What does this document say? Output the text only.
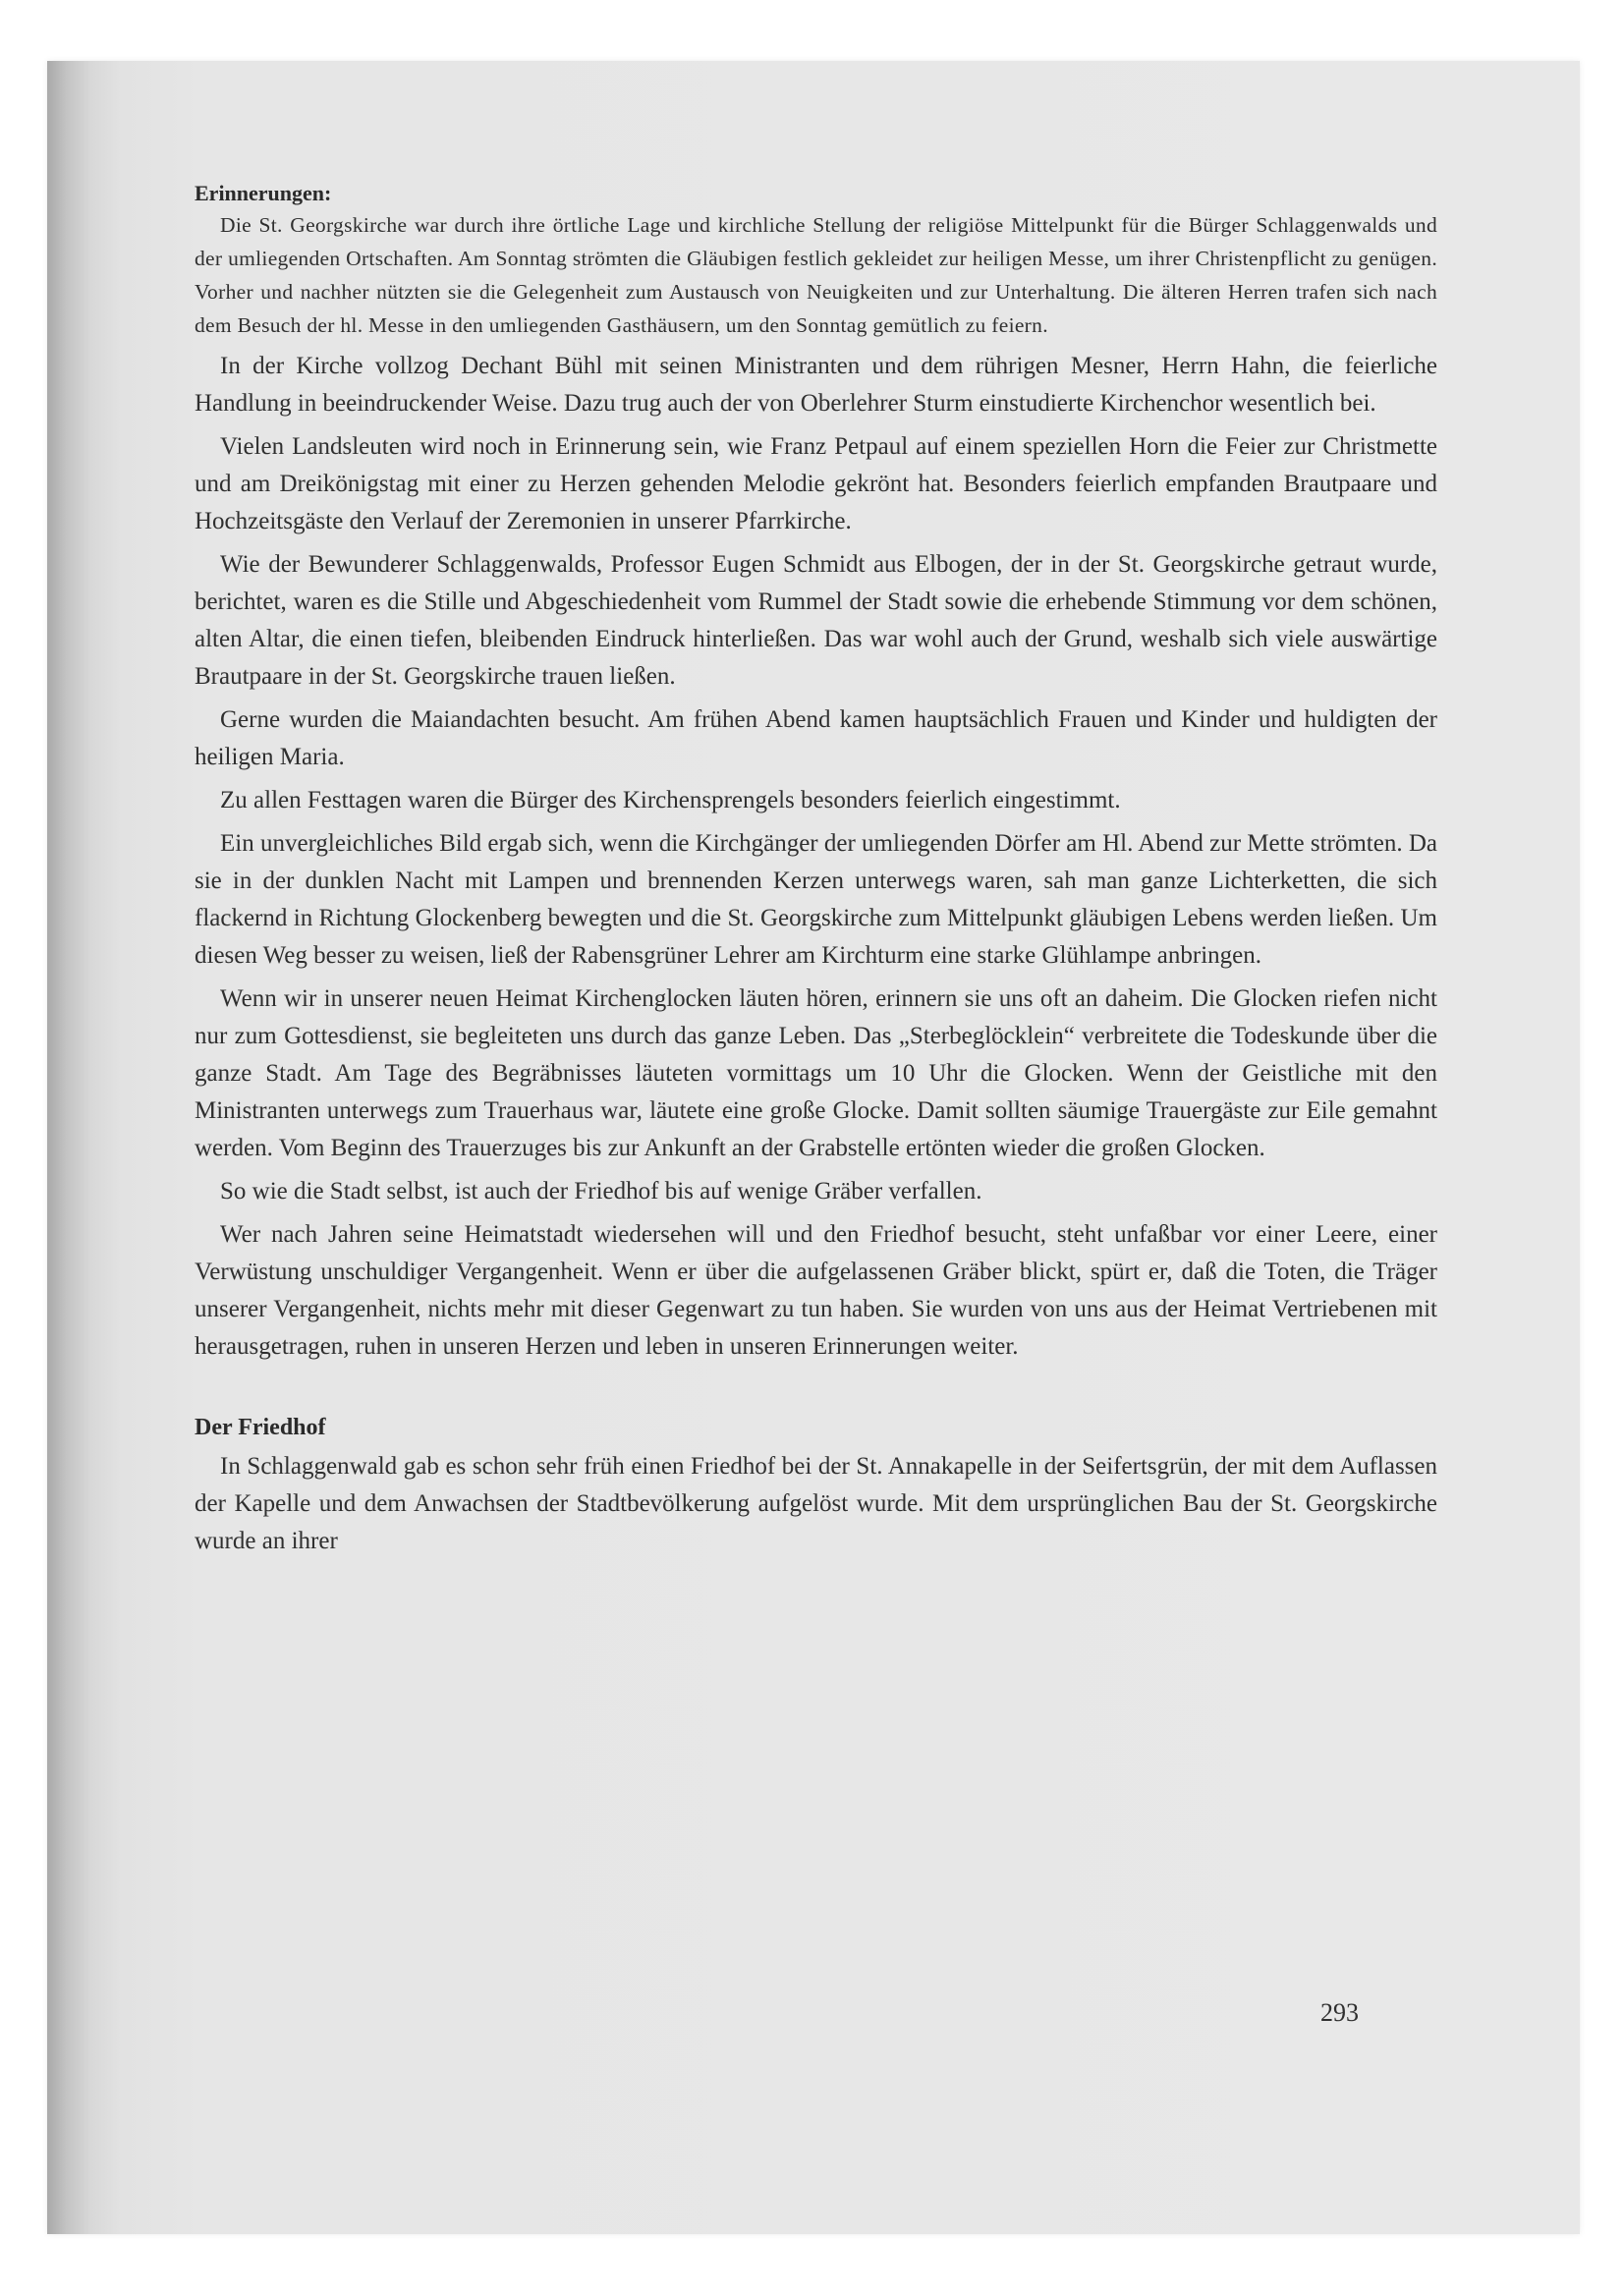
Erinnerungen:

Die St. Georgskirche war durch ihre örtliche Lage und kirchliche Stellung der religiöse Mittelpunkt für die Bürger Schlaggenwalds und der umliegenden Ortschaften. Am Sonntag strömten die Gläubigen festlich gekleidet zur heiligen Messe, um ihrer Christenpflicht zu genügen. Vorher und nachher nützten sie die Gelegenheit zum Austausch von Neuigkeiten und zur Unterhaltung. Die älteren Herren trafen sich nach dem Besuch der hl. Messe in den umliegenden Gasthäusern, um den Sonntag gemütlich zu feiern.

In der Kirche vollzog Dechant Bühl mit seinen Ministranten und dem rührigen Mesner, Herrn Hahn, die feierliche Handlung in beeindruckender Weise. Dazu trug auch der von Oberlehrer Sturm einstudierte Kirchenchor wesentlich bei.

Vielen Landsleuten wird noch in Erinnerung sein, wie Franz Petpaul auf einem speziellen Horn die Feier zur Christmette und am Dreikönigstag mit einer zu Herzen gehenden Melodie gekrönt hat. Besonders feierlich empfanden Brautpaare und Hochzeitsgäste den Verlauf der Zeremonien in unserer Pfarrkirche.

Wie der Bewunderer Schlaggenwalds, Professor Eugen Schmidt aus Elbogen, der in der St. Georgskirche getraut wurde, berichtet, waren es die Stille und Abgeschiedenheit vom Rummel der Stadt sowie die erhebende Stimmung vor dem schönen, alten Altar, die einen tiefen, bleibenden Eindruck hinterließen. Das war wohl auch der Grund, weshalb sich viele auswärtige Brautpaare in der St. Georgskirche trauen ließen.

Gerne wurden die Maiandachten besucht. Am frühen Abend kamen hauptsächlich Frauen und Kinder und huldigten der heiligen Maria.

Zu allen Festtagen waren die Bürger des Kirchensprengels besonders feierlich eingestimmt.

Ein unvergleichliches Bild ergab sich, wenn die Kirchgänger der umliegenden Dörfer am Hl. Abend zur Mette strömten. Da sie in der dunklen Nacht mit Lampen und brennenden Kerzen unterwegs waren, sah man ganze Lichterketten, die sich flackernd in Richtung Glockenberg bewegten und die St. Georgskirche zum Mittelpunkt gläubigen Lebens werden ließen. Um diesen Weg besser zu weisen, ließ der Rabensgrüner Lehrer am Kirchturm eine starke Glühlampe anbringen.

Wenn wir in unserer neuen Heimat Kirchenglocken läuten hören, erinnern sie uns oft an daheim. Die Glocken riefen nicht nur zum Gottesdienst, sie begleiteten uns durch das ganze Leben. Das „Sterbeglöcklein“ verbreitete die Todeskunde über die ganze Stadt. Am Tage des Begräbnisses läuteten vormittags um 10 Uhr die Glocken. Wenn der Geistliche mit den Ministranten unterwegs zum Trauerhaus war, läutete eine große Glocke. Damit sollten säumige Trauergäste zur Eile gemahnt werden. Vom Beginn des Trauerzuges bis zur Ankunft an der Grabstelle ertönten wieder die großen Glocken.

So wie die Stadt selbst, ist auch der Friedhof bis auf wenige Gräber verfallen.

Wer nach Jahren seine Heimatstadt wiedersehen will und den Friedhof besucht, steht unfaßbar vor einer Leere, einer Verwüstung unschuldiger Vergangenheit. Wenn er über die aufgelassenen Gräber blickt, spürt er, daß die Toten, die Träger unserer Vergangenheit, nichts mehr mit dieser Gegenwart zu tun haben. Sie wurden von uns aus der Heimat Vertriebenen mit herausgetragen, ruhen in unseren Herzen und leben in unseren Erinnerungen weiter.

Der Friedhof

In Schlaggenwald gab es schon sehr früh einen Friedhof bei der St. Annakapelle in der Seifertsgrün, der mit dem Auflassen der Kapelle und dem Anwachsen der Stadtbevölkerung aufgelöst wurde. Mit dem ursprünglichen Bau der St. Georgskirche wurde an ihrer

293
